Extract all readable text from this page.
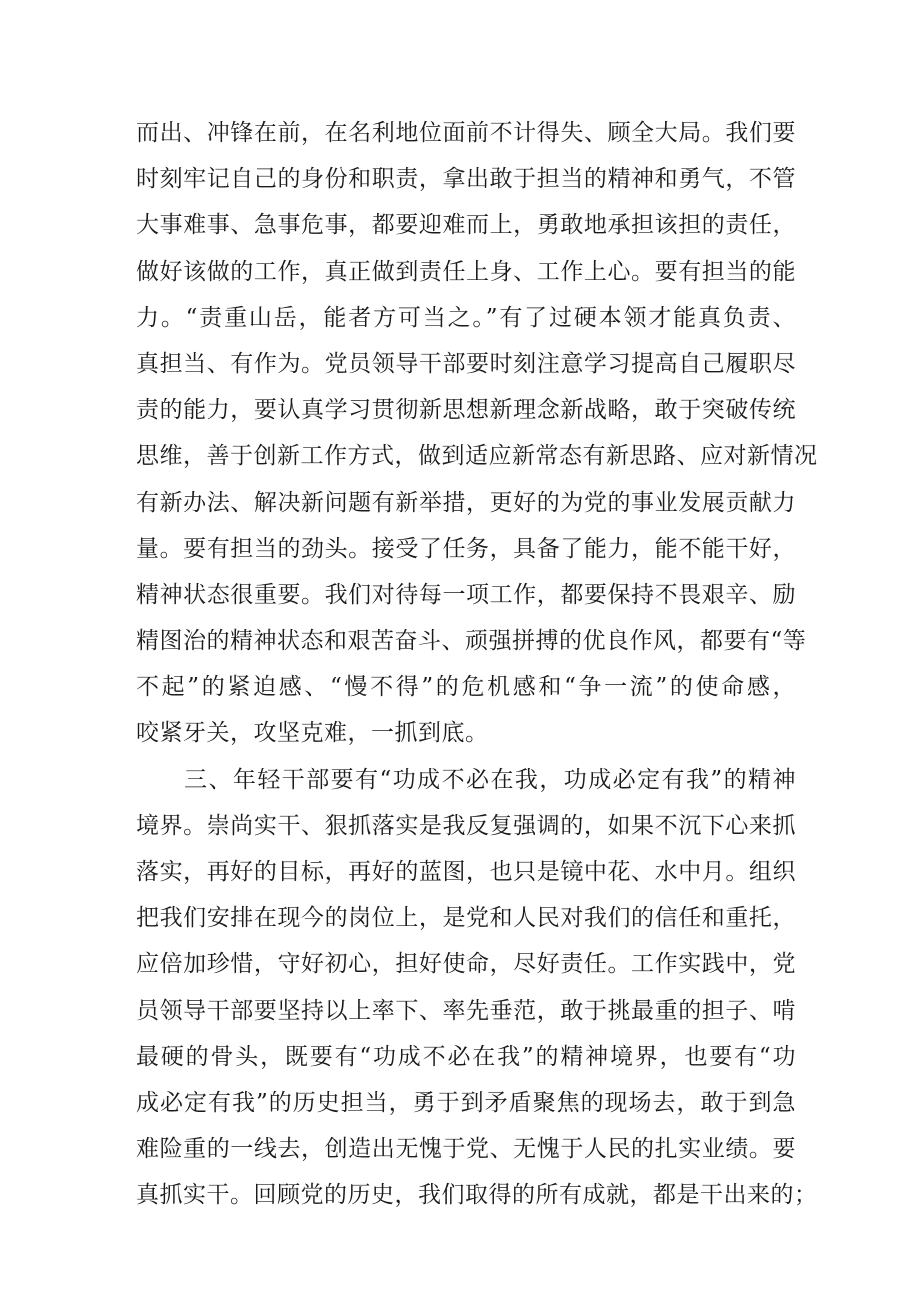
而出、冲锋在前，在名利地位面前不计得失、顾全大局。我们要
时刻牢记自己的身份和职责，拿出敢于担当的精神和勇气，不管
大事难事、急事危事，都要迎难而上，勇敢地承担该担的责任，
做好该做的工作，真正做到责任上身、工作上心。要有担当的能
力。“责重山岳，能者方可当之。”有了过硬本领才能真负责、
真担当、有作为。党员领导干部要时刻注意学习提高自己履职尽
责的能力，要认真学习贯彻新思想新理念新战略，敢于突破传统
思维，善于创新工作方式，做到适应新常态有新思路、应对新情况
有新办法、解决新问题有新举措，更好的为党的事业发展贡献力
量。要有担当的劲头。接受了任务，具备了能力，能不能干好，
精神状态很重要。我们对待每一项工作，都要保持不畏艰辛、励
精图治的精神状态和艰苦奋斗、顽强拼搏的优良作风，都要有“等
不起”的紧迫感、“慢不得”的危机感和“争一流”的使命感，
咬紧牙关，攻坚克难，一抓到底。
三、年轻干部要有“功成不必在我，功成必定有我”的精神
境界。崇尚实干、狠抓落实是我反复强调的，如果不沉下心来抓
落实，再好的目标，再好的蓝图，也只是镜中花、水中月。组织
把我们安排在现今的岗位上，是党和人民对我们的信任和重托，
应倍加珍惜，守好初心，担好使命，尽好责任。工作实践中，党
员领导干部要坚持以上率下、率先垂范，敢于挑最重的担子、啃
最硬的骨头，既要有“功成不必在我”的精神境界，也要有“功
成必定有我”的历史担当，勇于到矛盾聚焦的现场去，敢于到急
难险重的一线去，创造出无愧于党、无愧于人民的扎实业绩。要
真抓实干。回顾党的历史，我们取得的所有成就，都是干出来的；
